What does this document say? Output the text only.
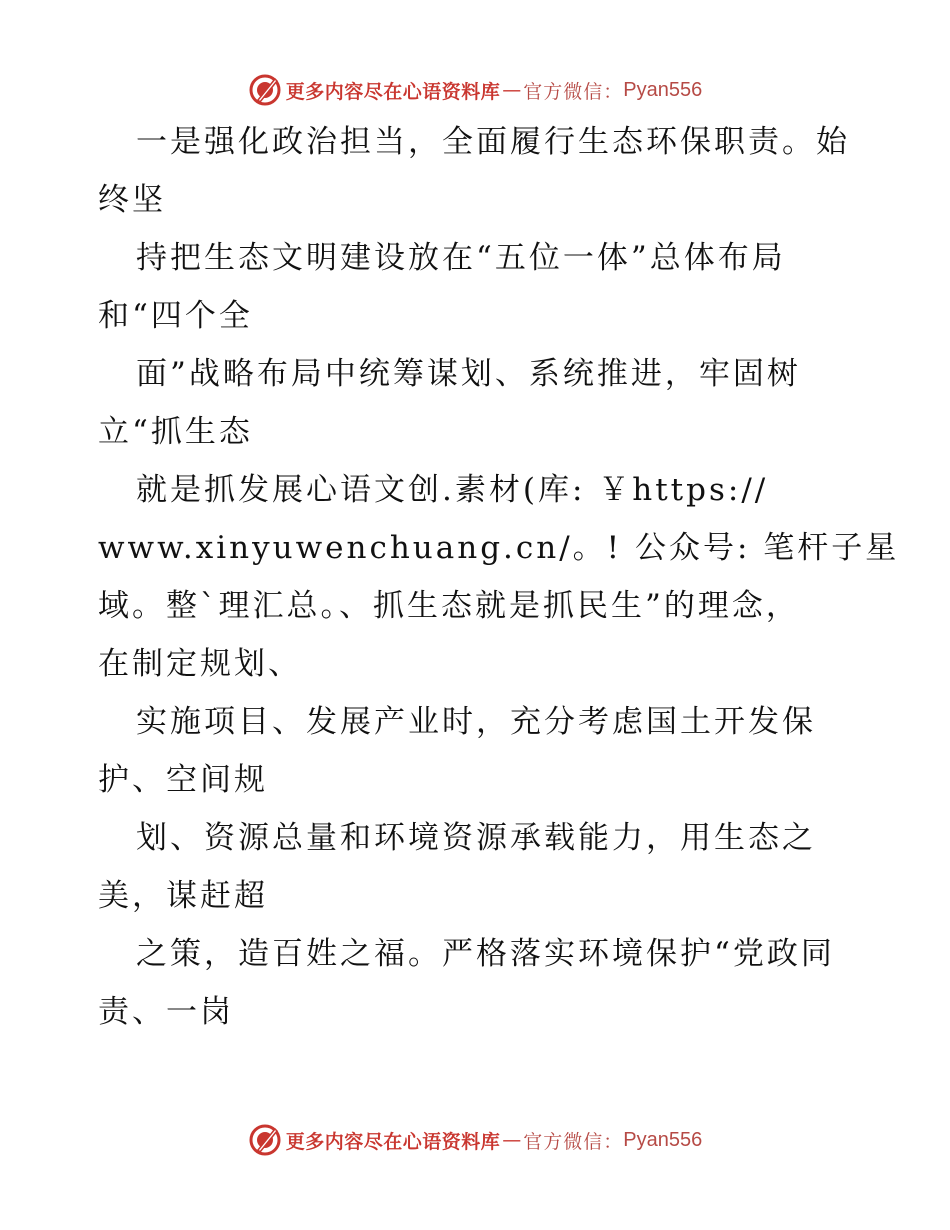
更多内容尽在心语资料库 — 官方微信： Pyan556
一是强化政治担当，全面履行生态环保职责。始
终坚
持把生态文明建设放在“五位一体”总体布局
和“四个全
面”战略布局中统筹谋划、系统推进，牢固树
立“抓生态
就是抓发展心语文创.素材(库: ￥https://
www.xinyuwenchuang.cn/。! 公众号: 笔杆子星
域。整`理汇总。、抓生态就是抓民生”的理念，
在制定规划、
实施项目、发展产业时，充分考虑国土开发保
护、空间规
划、资源总量和环境资源承载能力，用生态之
美，谋赶超
之策，造百姓之福。严格落实环境保护“党政同
责、一岗
更多内容尽在心语资料库 — 官方微信： Pyan556
